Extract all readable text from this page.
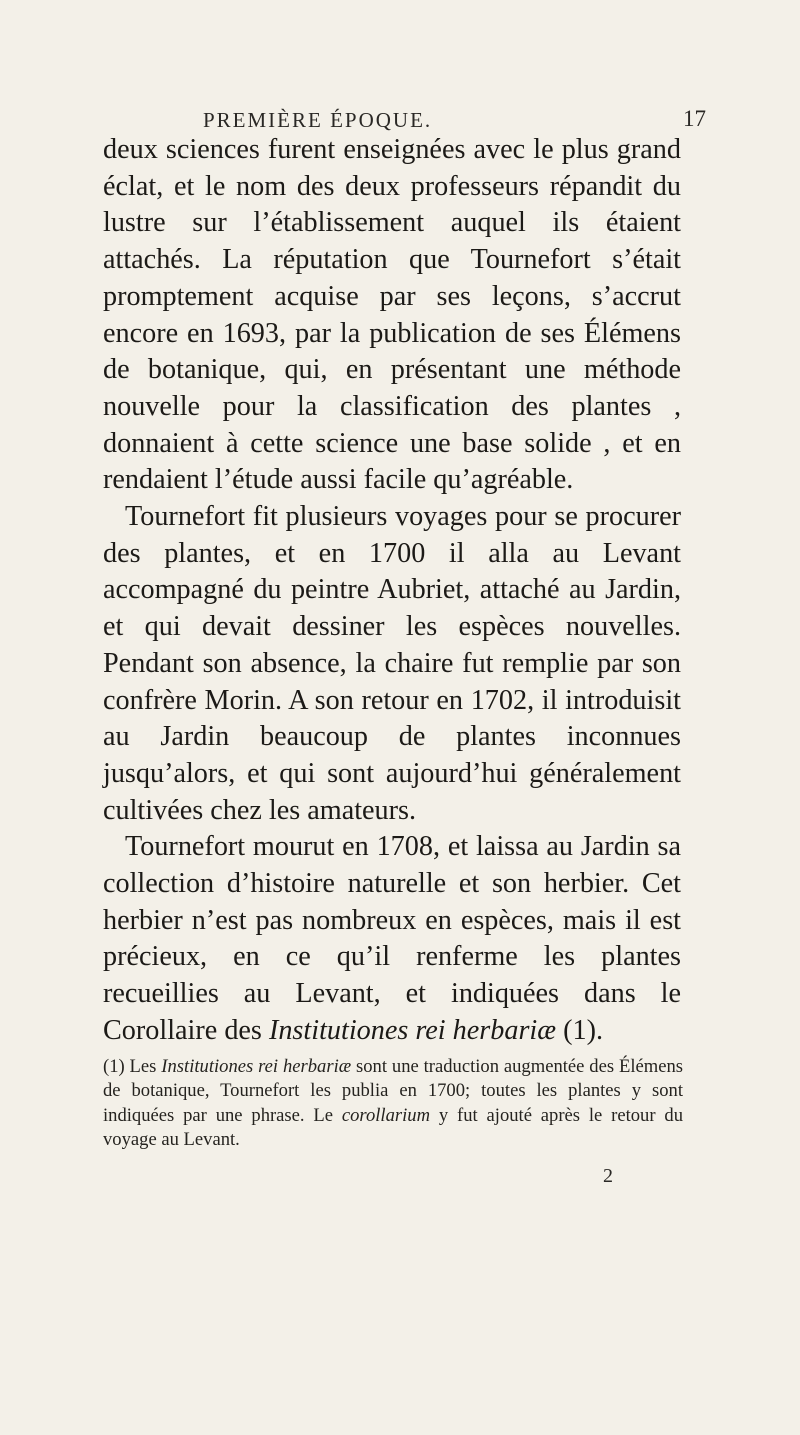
PREMIÈRE ÉPOQUE.	17

deux sciences furent enseignées avec le plus grand éclat, et le nom des deux professeurs répandit du lustre sur l’établissement auquel ils étaient attachés. La réputation que Tournefort s’était promptement acquise par ses leçons, s’accrut encore en 1693, par la publication de ses Élémens de botanique, qui, en présentant une méthode nouvelle pour la classification des plantes , donnaient à cette science une base solide , et en rendaient l’étude aussi facile qu’agréable.

Tournefort fit plusieurs voyages pour se procurer des plantes, et en 1700 il alla au Levant accompagné du peintre Aubriet, attaché au Jardin, et qui devait dessiner les espèces nouvelles. Pendant son absence, la chaire fut remplie par son confrère Morin. A son retour en 1702, il introduisit au Jardin beaucoup de plantes inconnues jusqu’alors, et qui sont aujourd’hui généralement cultivées chez les amateurs.

Tournefort mourut en 1708, et laissa au Jardin sa collection d’histoire naturelle et son herbier. Cet herbier n’est pas nombreux en espèces, mais il est précieux, en ce qu’il renferme les plantes recueillies au Levant, et indiquées dans le Corollaire des Institutiones rei herbariæ (1).

(1) Les Institutiones rei herbariæ sont une traduction augmentée des Élémens de botanique, Tournefort les publia en 1700; toutes les plantes y sont indiquées par une phrase. Le corollarium y fut ajouté après le retour du voyage au Levant.

2
